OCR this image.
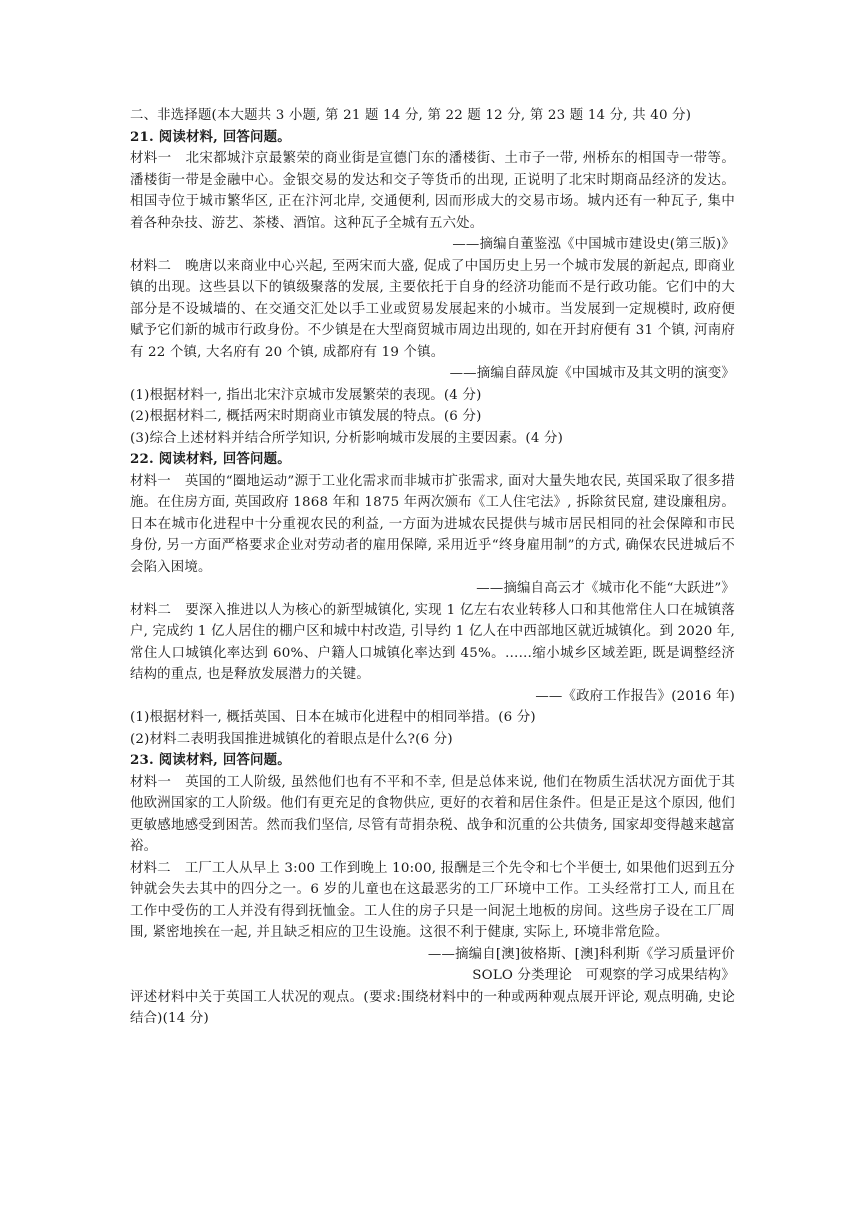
二、非选择题(本大题共 3 小题, 第 21 题 14 分, 第 22 题 12 分, 第 23 题 14 分, 共 40 分)

21. 阅读材料, 回答问题。

材料一 北宋都城汴京最繁荣的商业街是宣德门东的潘楼街、土市子一带, 州桥东的相国寺一带等。潘楼街一带是金融中心。金银交易的发达和交子等货币的出现, 正说明了北宋时期商品经济的发达。相国寺位于城市繁华区, 正在汴河北岸, 交通便利, 因而形成大的交易市场。城内还有一种瓦子, 集中着各种杂技、游艺、茶楼、酒馆。这种瓦子全城有五六处。

——摘编自董鉴泓《中国城市建设史(第三版)》

材料二 晚唐以来商业中心兴起, 至两宋而大盛, 促成了中国历史上另一个城市发展的新起点, 即商业镇的出现。这些县以下的镇级聚落的发展, 主要依托于自身的经济功能而不是行政功能。它们中的大部分是不设城墙的、在交通交汇处以手工业或贸易发展起来的小城市。当发展到一定规模时, 政府便赋予它们新的城市行政身份。不少镇是在大型商贸城市周边出现的, 如在开封府便有 31 个镇, 河南府有 22 个镇, 大名府有 20 个镇, 成都府有 19 个镇。

——摘编自薛凤旋《中国城市及其文明的演变》

(1)根据材料一, 指出北宋汴京城市发展繁荣的表现。(4 分)

(2)根据材料二, 概括两宋时期商业市镇发展的特点。(6 分)

(3)综合上述材料并结合所学知识, 分析影响城市发展的主要因素。(4 分)

22. 阅读材料, 回答问题。

材料一 英国的“圈地运动”源于工业化需求而非城市扩张需求, 面对大量失地农民, 英国采取了很多措施。在住房方面, 英国政府 1868 年和 1875 年两次颁布《工人住宅法》, 拆除贫民窟, 建设廉租房。日本在城市化进程中十分重视农民的利益, 一方面为进城农民提供与城市居民相同的社会保障和市民身份, 另一方面严格要求企业对劳动者的雇用保障, 采用近乎“终身雇用制”的方式, 确保农民进城后不会陷入困境。

——摘编自高云才《城市化不能“大跃进”》

材料二 要深入推进以人为核心的新型城镇化, 实现 1 亿左右农业转移人口和其他常住人口在城镇落户, 完成约 1 亿人居住的棚户区和城中村改造, 引导约 1 亿人在中西部地区就近城镇化。到 2020 年, 常住人口城镇化率达到 60%、户籍人口城镇化率达到 45%。……缩小城乡区域差距, 既是调整经济结构的重点, 也是释放发展潜力的关键。

——《政府工作报告》(2016 年)

(1)根据材料一, 概括英国、日本在城市化进程中的相同举措。(6 分)

(2)材料二表明我国推进城镇化的着眼点是什么?(6 分)

23. 阅读材料, 回答问题。

材料一 英国的工人阶级, 虽然他们也有不平和不幸, 但是总体来说, 他们在物质生活状况方面优于其他欧洲国家的工人阶级。他们有更充足的食物供应, 更好的衣着和居住条件。但是正是这个原因, 他们更敏感地感受到困苦。然而我们坚信, 尽管有苛捐杂税、战争和沉重的公共债务, 国家却变得越来越富裕。

材料二 工厂工人从早上 3:00 工作到晚上 10:00, 报酬是三个先令和七个半便士, 如果他们迟到五分钟就会失去其中的四分之一。6 岁的儿童也在这最恶劣的工厂环境中工作。工头经常打工人, 而且在工作中受伤的工人并没有得到抚恤金。工人住的房子只是一间泥土地板的房间。这些房子设在工厂周围, 紧密地挨在一起, 并且缺乏相应的卫生设施。这很不利于健康, 实际上, 环境非常危险。

——摘编自[澳]彼格斯、[澳]科利斯《学习质量评价

SOLO 分类理论　可观察的学习成果结构》

评述材料中关于英国工人状况的观点。(要求:围绕材料中的一种或两种观点展开评论, 观点明确, 史论结合)(14 分)
